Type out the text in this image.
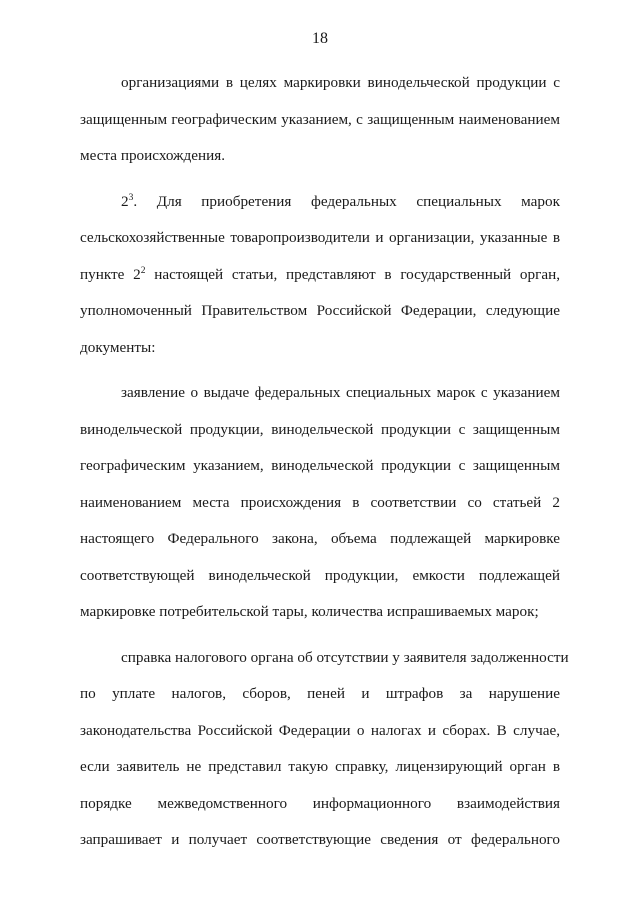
18
организациями в целях маркировки винодельческой продукции с
защищенным географическим указанием, с защищенным наименованием
места происхождения.
$2^3$. Для приобретения федеральных специальных марок
сельскохозяйственные товаропроизводители и организации, указанные в
пункте $2^2$ настоящей статьи, представляют в государственный орган,
уполномоченный Правительством Российской Федерации, следующие
документы:
заявление о выдаче федеральных специальных марок с указанием
винодельческой продукции, винодельческой продукции с защищенным
географическим указанием, винодельческой продукции с защищенным
наименованием места происхождения в соответствии со статьей 2
настоящего Федерального закона, объема подлежащей маркировке
соответствующей винодельческой продукции, емкости подлежащей
маркировке потребительской тары, количества испрашиваемых марок;
справка налогового органа об отсутствии у заявителя задолженности
по уплате налогов, сборов, пеней и штрафов за нарушение
законодательства Российской Федерации о налогах и сборах. В случае,
если заявитель не представил такую справку, лицензирующий орган в
порядке межведомственного информационного взаимодействия
запрашивает и получает соответствующие сведения от федерального
